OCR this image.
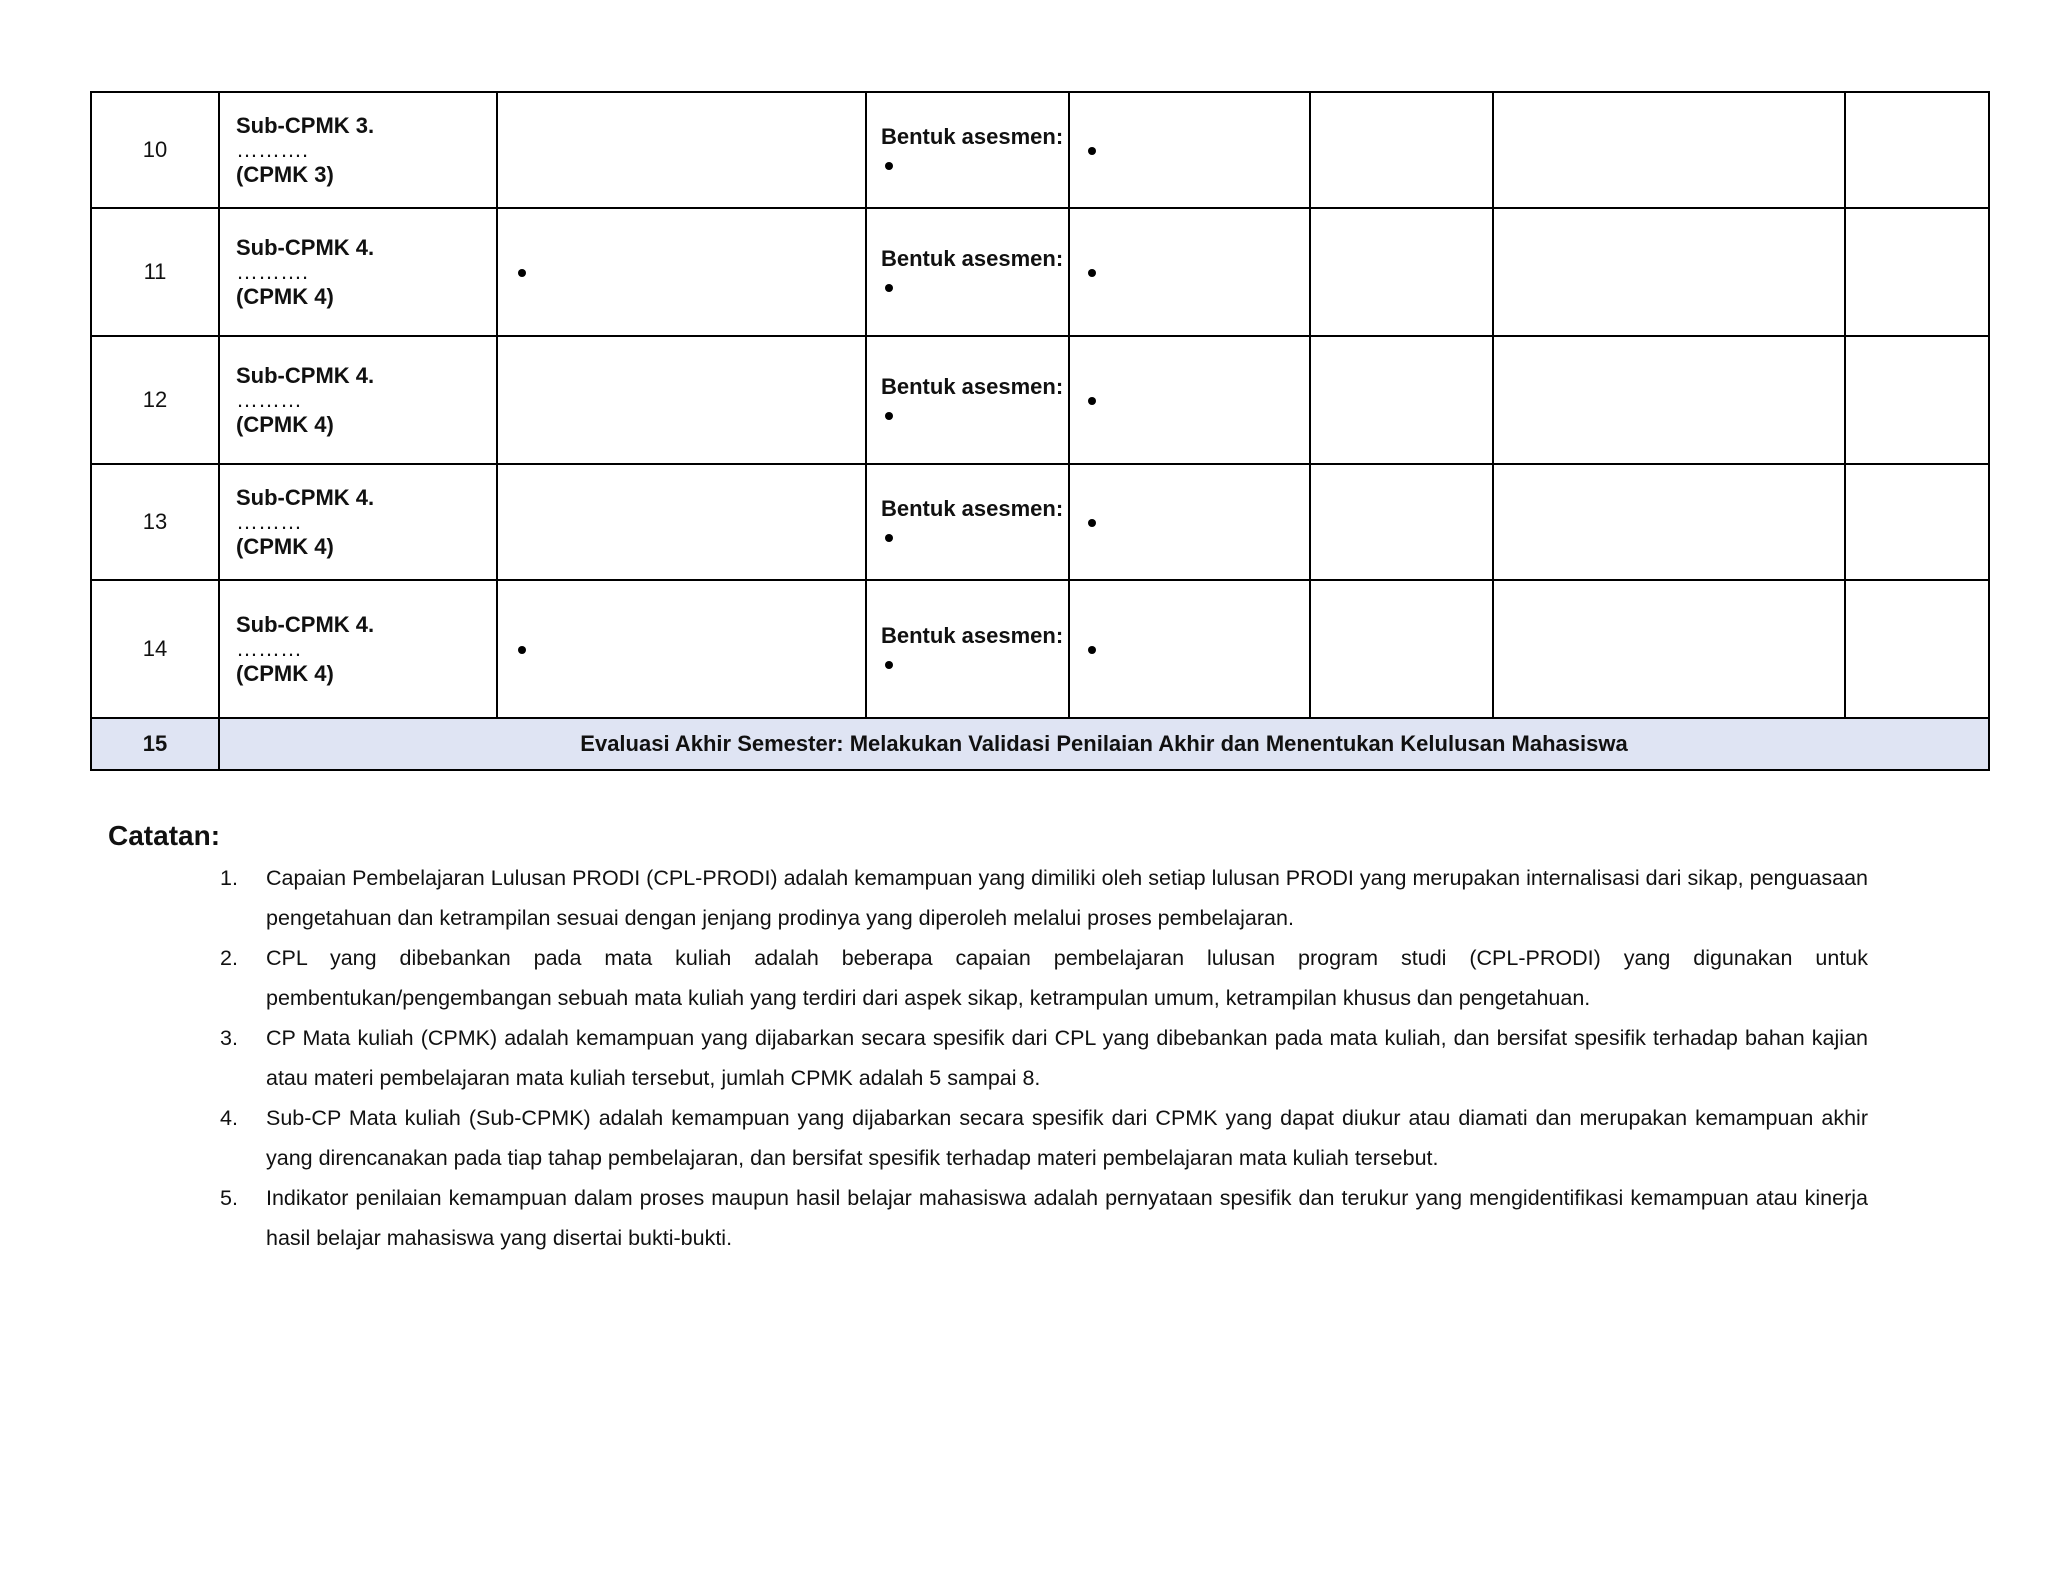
10	Sub-CPMK 3.
……….
(CPMK 3)		Bentuk asesmen:

11	Sub-CPMK 4.
……….
(CPMK 4)		Bentuk asesmen:

12	Sub-CPMK 4.
………
(CPMK 4)		Bentuk asesmen:

13	Sub-CPMK 4.
………
(CPMK 4)		Bentuk asesmen:

14	Sub-CPMK 4.
………
(CPMK 4)		Bentuk asesmen:

15	Evaluasi Akhir Semester: Melakukan Validasi Penilaian Akhir dan Menentukan Kelulusan Mahasiswa						
Catatan:
1. Capaian Pembelajaran Lulusan PRODI (CPL-PRODI) adalah kemampuan yang dimiliki oleh setiap lulusan PRODI yang merupakan internalisasi dari sikap, penguasaan pengetahuan dan ketrampilan sesuai dengan jenjang prodinya yang diperoleh melalui proses pembelajaran.
2. CPL yang dibebankan pada mata kuliah adalah beberapa capaian pembelajaran lulusan program studi (CPL-PRODI) yang digunakan untuk pembentukan/pengembangan sebuah mata kuliah yang terdiri dari aspek sikap, ketrampulan umum, ketrampilan khusus dan pengetahuan.
3. CP Mata kuliah (CPMK) adalah kemampuan yang dijabarkan secara spesifik dari CPL yang dibebankan pada mata kuliah, dan bersifat spesifik terhadap bahan kajian atau materi pembelajaran mata kuliah tersebut, jumlah CPMK adalah 5 sampai 8.
4. Sub-CP Mata kuliah (Sub-CPMK) adalah kemampuan yang dijabarkan secara spesifik dari CPMK yang dapat diukur atau diamati dan merupakan kemampuan akhir yang direncanakan pada tiap tahap pembelajaran, dan bersifat spesifik terhadap materi pembelajaran mata kuliah tersebut.
5. Indikator penilaian kemampuan dalam proses maupun hasil belajar mahasiswa adalah pernyataan spesifik dan terukur yang mengidentifikasi kemampuan atau kinerja hasil belajar mahasiswa yang disertai bukti-bukti.
